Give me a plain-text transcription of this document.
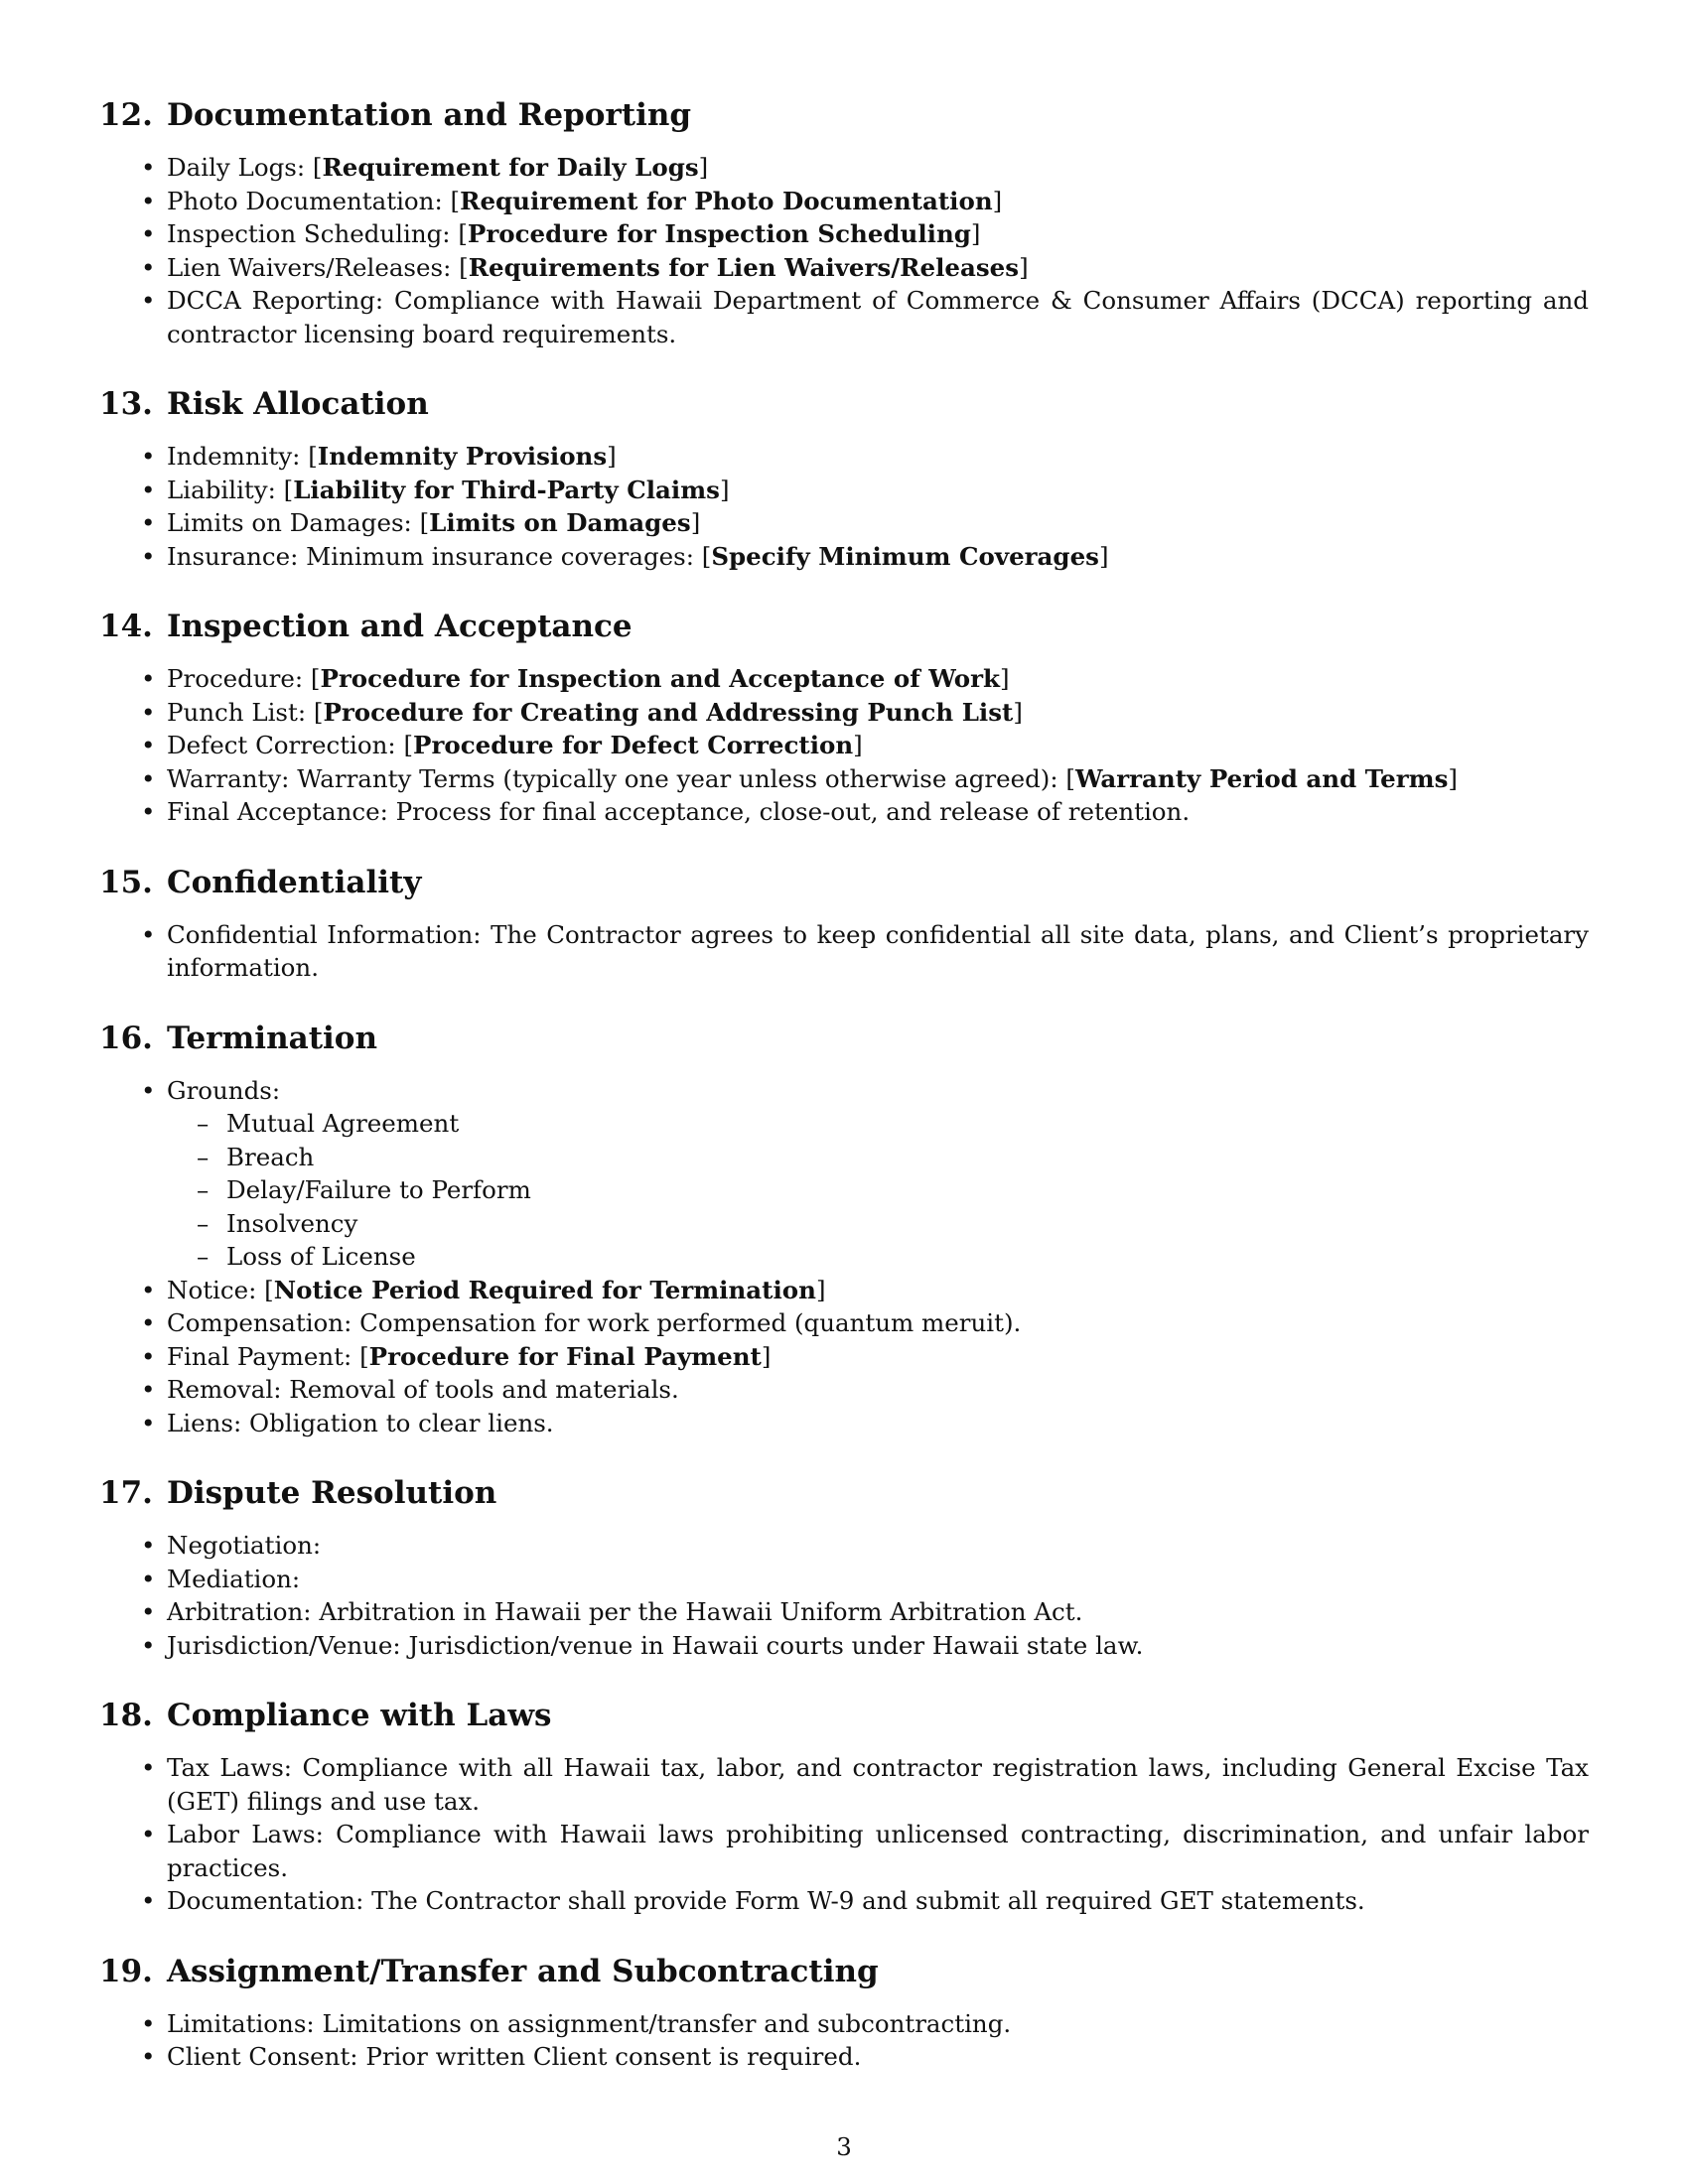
12. Documentation and Reporting
• Daily Logs: [Requirement for Daily Logs]
• Photo Documentation: [Requirement for Photo Documentation]
• Inspection Scheduling: [Procedure for Inspection Scheduling]
• Lien Waivers/Releases: [Requirements for Lien Waivers/Releases]
• DCCA Reporting: Compliance with Hawaii Department of Commerce & Consumer Affairs (DCCA) reporting and contractor licensing board requirements.
13. Risk Allocation
• Indemnity: [Indemnity Provisions]
• Liability: [Liability for Third-Party Claims]
• Limits on Damages: [Limits on Damages]
• Insurance: Minimum insurance coverages: [Specify Minimum Coverages]
14. Inspection and Acceptance
• Procedure: [Procedure for Inspection and Acceptance of Work]
• Punch List: [Procedure for Creating and Addressing Punch List]
• Defect Correction: [Procedure for Defect Correction]
• Warranty: Warranty Terms (typically one year unless otherwise agreed): [Warranty Period and Terms]
• Final Acceptance: Process for final acceptance, close-out, and release of retention.
15. Confidentiality
• Confidential Information: The Contractor agrees to keep confidential all site data, plans, and Client’s proprietary information.
16. Termination
• Grounds:
– Mutual Agreement
– Breach
– Delay/Failure to Perform
– Insolvency
– Loss of License
• Notice: [Notice Period Required for Termination]
• Compensation: Compensation for work performed (quantum meruit).
• Final Payment: [Procedure for Final Payment]
• Removal: Removal of tools and materials.
• Liens: Obligation to clear liens.
17. Dispute Resolution
• Negotiation:
• Mediation:
• Arbitration: Arbitration in Hawaii per the Hawaii Uniform Arbitration Act.
• Jurisdiction/Venue: Jurisdiction/venue in Hawaii courts under Hawaii state law.
18. Compliance with Laws
• Tax Laws: Compliance with all Hawaii tax, labor, and contractor registration laws, including General Excise Tax (GET) filings and use tax.
• Labor Laws: Compliance with Hawaii laws prohibiting unlicensed contracting, discrimination, and unfair labor practices.
• Documentation: The Contractor shall provide Form W-9 and submit all required GET statements.
19. Assignment/Transfer and Subcontracting
• Limitations: Limitations on assignment/transfer and subcontracting.
• Client Consent: Prior written Client consent is required.
3
